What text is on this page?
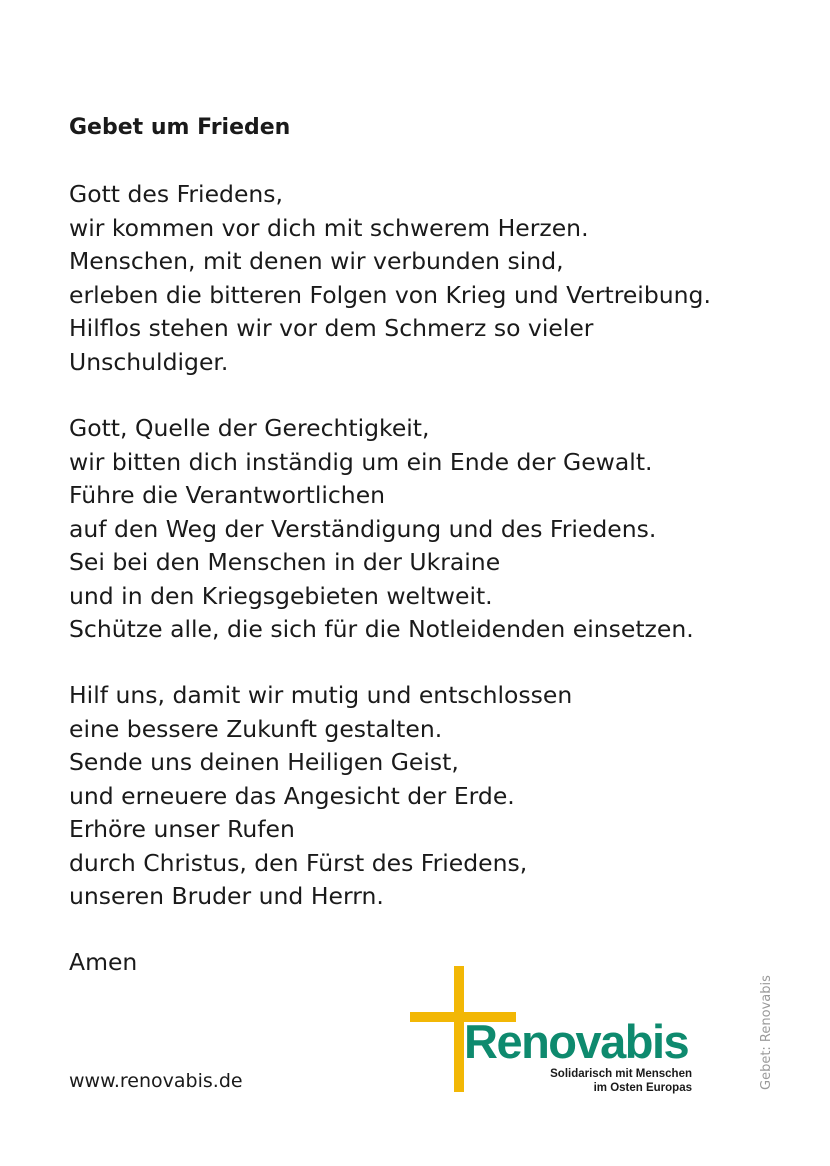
Gebet um Frieden
Gott des Friedens,
wir kommen vor dich mit schwerem Herzen.
Menschen, mit denen wir verbunden sind,
erleben die bitteren Folgen von Krieg und Vertreibung.
Hilflos stehen wir vor dem Schmerz so vieler
Unschuldiger.
Gott, Quelle der Gerechtigkeit,
wir bitten dich inständig um ein Ende der Gewalt.
Führe die Verantwortlichen
auf den Weg der Verständigung und des Friedens.
Sei bei den Menschen in der Ukraine
und in den Kriegsgebieten weltweit.
Schütze alle, die sich für die Notleidenden einsetzen.
Hilf uns, damit wir mutig und entschlossen
eine bessere Zukunft gestalten.
Sende uns deinen Heiligen Geist,
und erneuere das Angesicht der Erde.
Erhöre unser Rufen
durch Christus, den Fürst des Friedens,
unseren Bruder und Herrn.
Amen

www.renovabis.de	Gebet: Renovabis
Renovabis
Solidarisch mit Menschen
im Osten Europas
